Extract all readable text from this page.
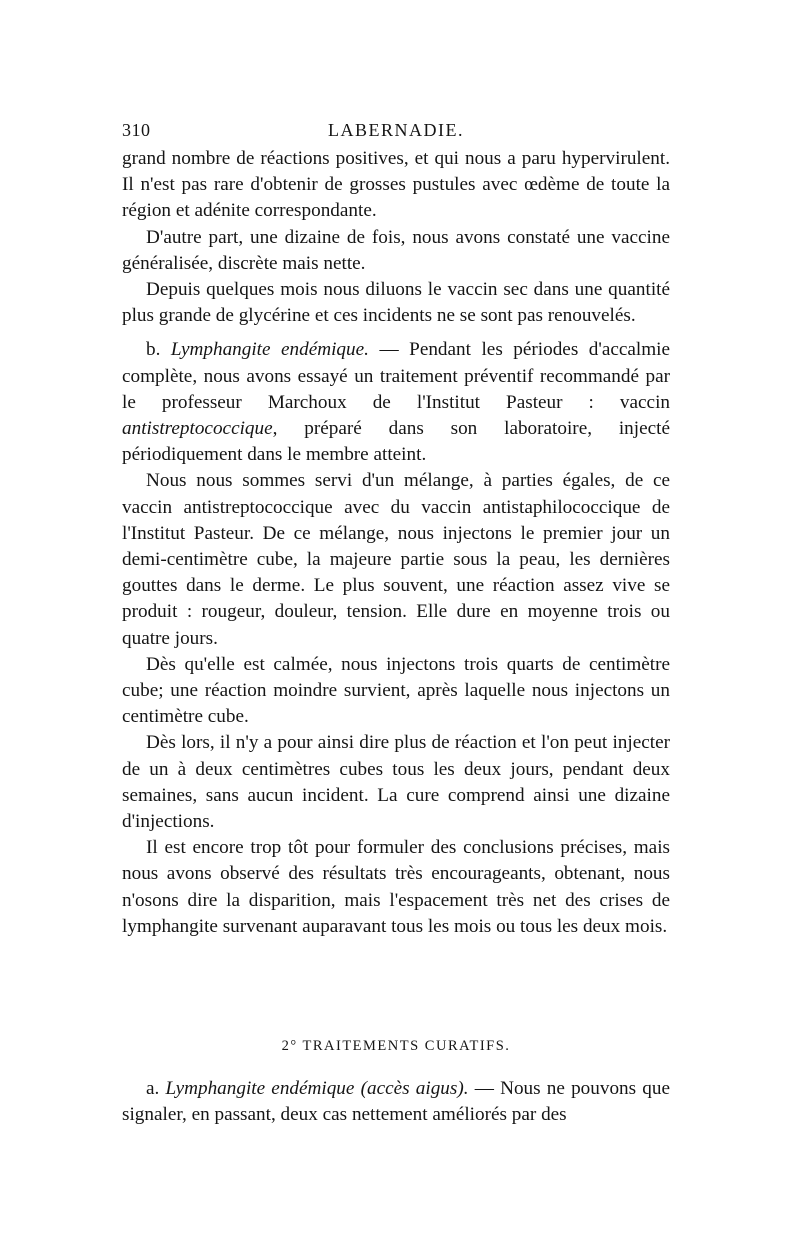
310	LABERNADIE.

grand nombre de réactions positives, et qui nous a paru hypervirulent. Il n'est pas rare d'obtenir de grosses pustules avec œdème de toute la région et adénite correspondante.

D'autre part, une dizaine de fois, nous avons constaté une vaccine généralisée, discrète mais nette.

Depuis quelques mois nous diluons le vaccin sec dans une quantité plus grande de glycérine et ces incidents ne se sont pas renouvelés.

b. Lymphangite endémique. — Pendant les périodes d'accalmie complète, nous avons essayé un traitement préventif recommandé par le professeur Marchoux de l'Institut Pasteur : vaccin antistreptococcique, préparé dans son laboratoire, injecté périodiquement dans le membre atteint.

Nous nous sommes servi d'un mélange, à parties égales, de ce vaccin antistreptococcique avec du vaccin antistaphilococcique de l'Institut Pasteur. De ce mélange, nous injectons le premier jour un demi-centimètre cube, la majeure partie sous la peau, les dernières gouttes dans le derme. Le plus souvent, une réaction assez vive se produit : rougeur, douleur, tension. Elle dure en moyenne trois ou quatre jours.

Dès qu'elle est calmée, nous injectons trois quarts de centimètre cube; une réaction moindre survient, après laquelle nous injectons un centimètre cube.

Dès lors, il n'y a pour ainsi dire plus de réaction et l'on peut injecter de un à deux centimètres cubes tous les deux jours, pendant deux semaines, sans aucun incident. La cure comprend ainsi une dizaine d'injections.

Il est encore trop tôt pour formuler des conclusions précises, mais nous avons observé des résultats très encourageants, obtenant, nous n'osons dire la disparition, mais l'espacement très net des crises de lymphangite survenant auparavant tous les mois ou tous les deux mois.

2° TRAITEMENTS CURATIFS.

a. Lymphangite endémique (accès aigus). — Nous ne pouvons que signaler, en passant, deux cas nettement améliorés par des
